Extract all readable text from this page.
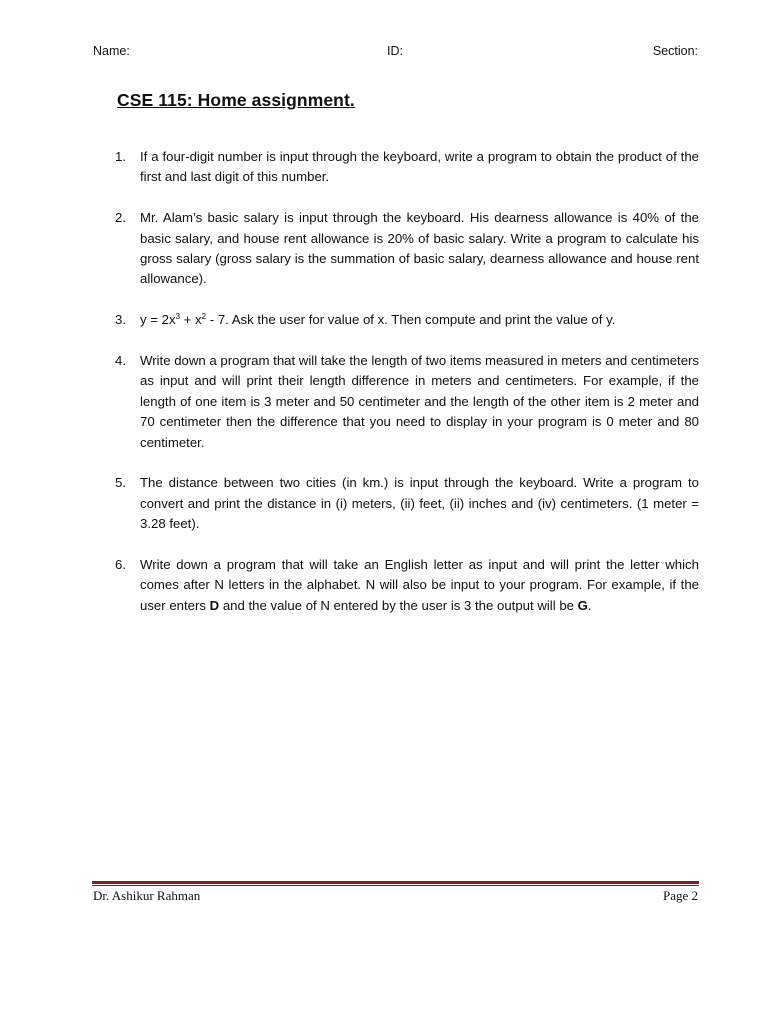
Name:	ID:	Section:
CSE 115: Home assignment.
1. If a four-digit number is input through the keyboard, write a program to obtain the product of the first and last digit of this number.
2. Mr. Alam’s basic salary is input through the keyboard. His dearness allowance is 40% of the basic salary, and house rent allowance is 20% of basic salary. Write a program to calculate his gross salary (gross salary is the summation of basic salary, dearness allowance and house rent allowance).
3. $y = 2x^3 + x^2 - 7$. Ask the user for value of x. Then compute and print the value of y.
4. Write down a program that will take the length of two items measured in meters and centimeters as input and will print their length difference in meters and centimeters. For example, if the length of one item is 3 meter and 50 centimeter and the length of the other item is 2 meter and 70 centimeter then the difference that you need to display in your program is 0 meter and 80 centimeter.
5. The distance between two cities (in km.) is input through the keyboard. Write a program to convert and print the distance in (i) meters, (ii) feet, (ii) inches and (iv) centimeters. (1 meter = 3.28 feet).
6. Write down a program that will take an English letter as input and will print the letter which comes after N letters in the alphabet. N will also be input to your program. For example, if the user enters D and the value of N entered by the user is 3 the output will be G.
Dr. Ashikur Rahman	Page 2
